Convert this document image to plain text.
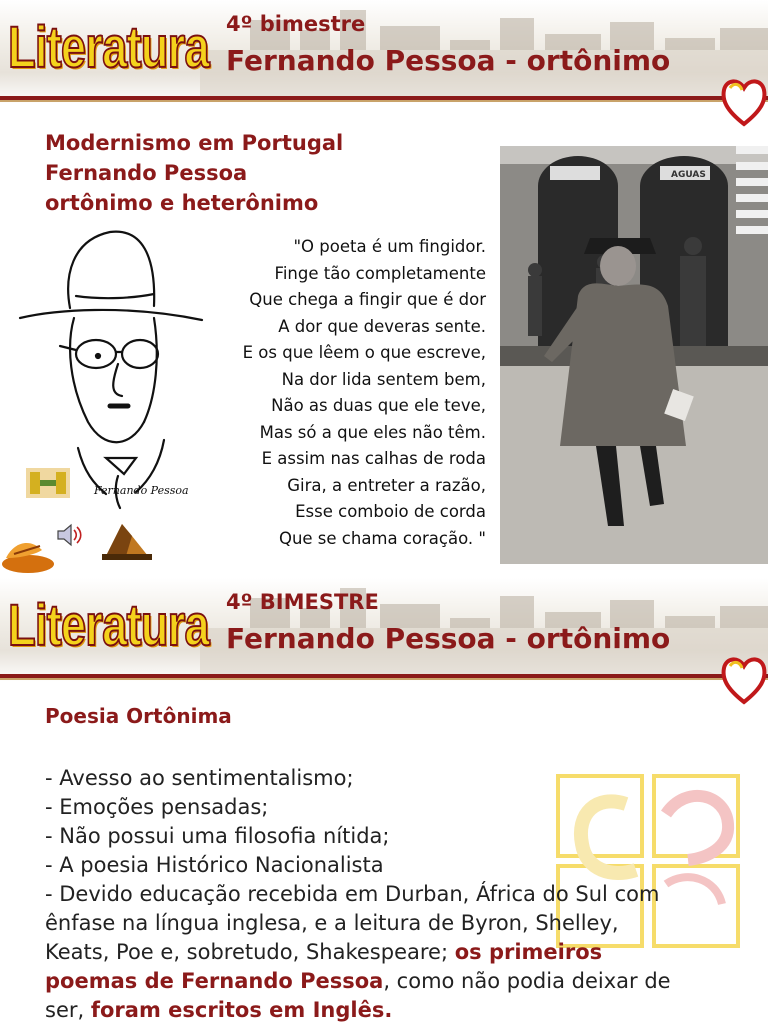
Literatura 4º bimestre
Fernando Pessoa - ortônimo
Modernismo em Portugal
Fernando Pessoa
ortônimo e heterônimo
Fernando Pessoa
"O poeta é um fingidor.
Finge tão completamente
Que chega a fingir que é dor
A dor que deveras sente.
E os que lêem o que escreve,
Na dor lida sentem bem,
Não as duas que ele teve,
Mas só a que eles não têm.
E assim nas calhas de roda
Gira, a entreter a razão,
Esse comboio de corda
Que se chama coração. "
AGUAS
Literatura 4º BIMESTRE
Fernando Pessoa - ortônimo
Poesia Ortônima
- Avesso ao sentimentalismo;
- Emoções pensadas;
- Não possui uma filosofia nítida;
- A poesia Histórico Nacionalista
- Devido educação recebida em Durban, África do Sul com
ênfase na língua inglesa, e a leitura de Byron, Shelley,
Keats, Poe e, sobretudo, Shakespeare; os primeiros
poemas de Fernando Pessoa, como não podia deixar de
ser, foram escritos em Inglês.
